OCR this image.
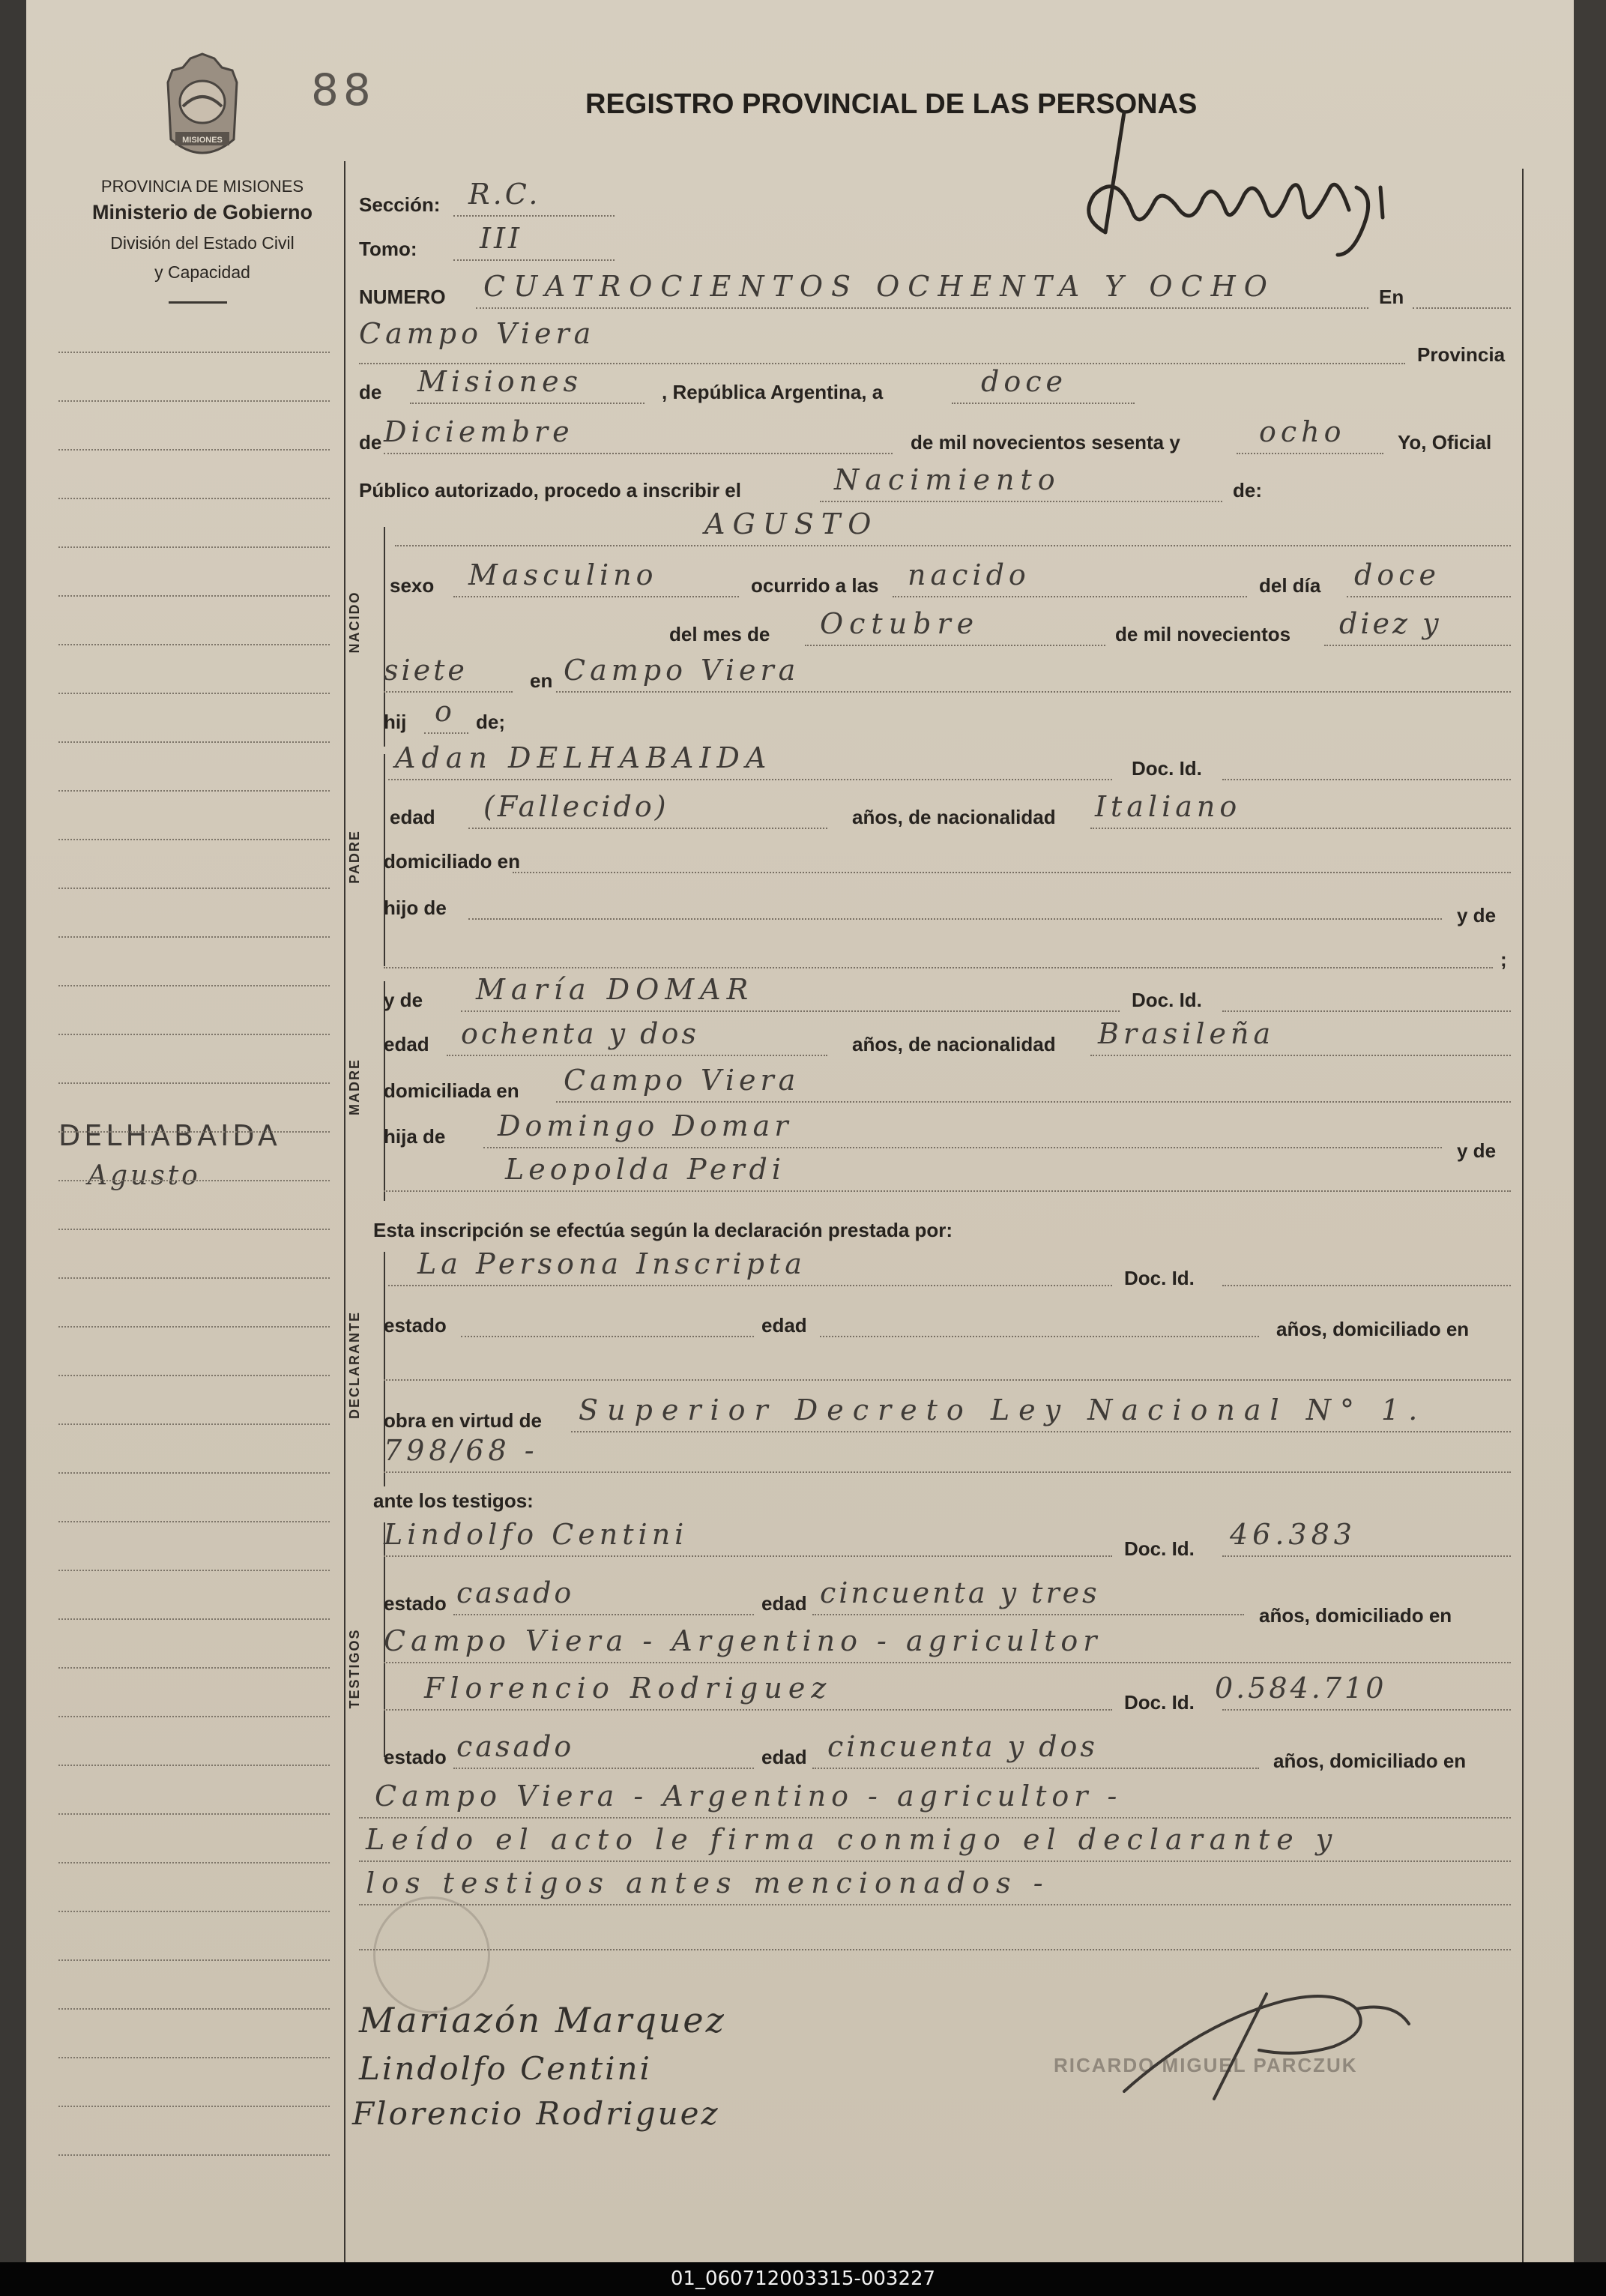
MISIONES
PROVINCIA DE MISIONES
Ministerio de Gobierno
División del Estado Civil
y Capacidad
88	REGISTRO PROVINCIAL DE LAS PERSONAS
DELHABAIDA
Agusto
Sección: R.C.
Tomo: III
NUMERO CUATROCIENTOS OCHENTA Y OCHO	En
Campo Viera
Provincia
de Misiones	, República Argentina, a	doce
de Diciembre	de mil novecientos sesenta y	ocho	Yo, Oficial
Público autorizado, procedo a inscribir el	Nacimiento	de:
NACIDO
AGUSTO
sexo Masculino	ocurrido a las nacido	del día doce
del mes de Octubre	de mil novecientos diez y
siete	en Campo Viera
hij o de;
PADRE
Adan DELHABAIDA	Doc. Id.
edad (Fallecido)	años, de nacionalidad Italiano
domiciliado en
hijo de	y de
;
MADRE
y de María DOMAR	Doc. Id.
edad ochenta y dos	años, de nacionalidad Brasileña
domiciliada en Campo Viera
hija de Domingo Domar
y de
Leopolda Perdi
Esta inscripción se efectúa según la declaración prestada por:
DECLARANTE
La Persona Inscripta	Doc. Id.
estado	edad	años, domiciliado en
obra en virtud de Superior Decreto Ley Nacional N° 1.
798/68 -
ante los testigos:
TESTIGOS
Lindolfo Centini	Doc. Id. 46.383
estado casado	edad cincuenta y tres
años, domiciliado en
Campo Viera - Argentino - agricultor
Florencio Rodriguez	Doc. Id. 0.584.710
estado casado	edad cincuenta y dos	años, domiciliado en
Campo Viera - Argentino - agricultor -
Leído el acto le firma conmigo el declarante y
los testigos antes mencionados -
Mariazón Marquez
Lindolfo Centini
Florencio Rodriguez
RICARDO MIGUEL PARCZUK
01_060712003315-003227
